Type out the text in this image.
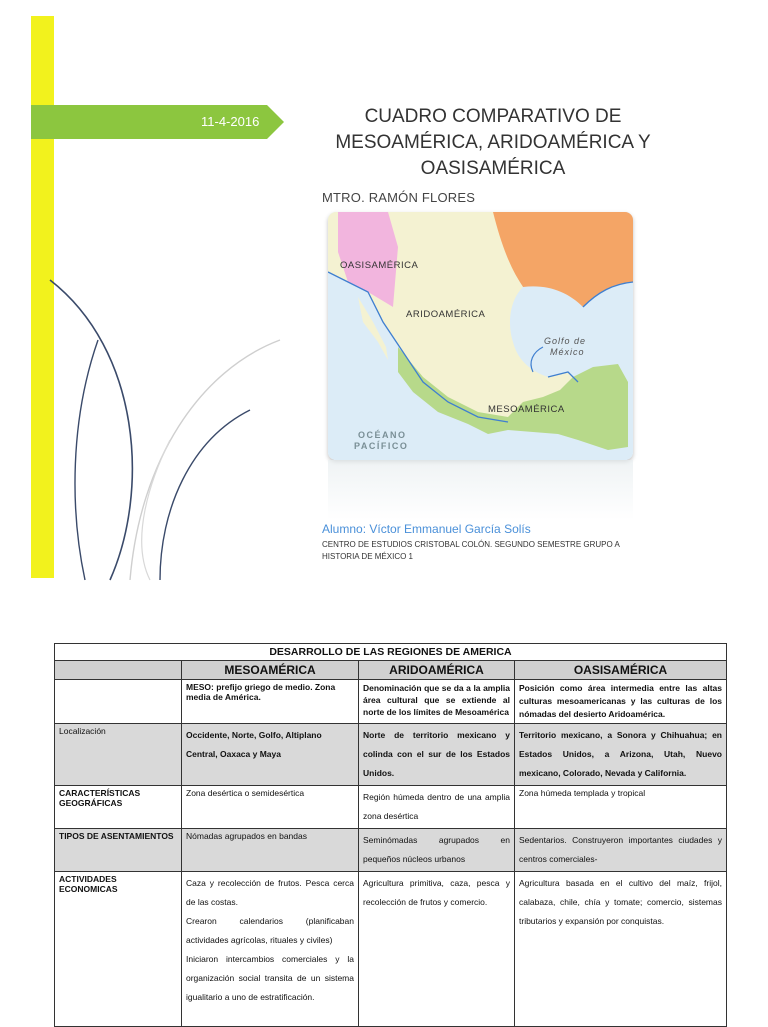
11-4-2016	CUADRO COMPARATIVO DE
MESOAMÉRICA, ARIDOAMÉRICA Y
OASISAMÉRICA
MTRO. RAMÓN FLORES
OASISAMÉRICA
ARIDOAMÉRICA
MESOAMÉRICA
Golfo de
México
OCÉANO
PACÍFICO
Alumno: Víctor Emmanuel García Solís
CENTRO DE ESTUDIOS CRISTOBAL COLÓN. SEGUNDO SEMESTRE GRUPO A
HISTORIA DE MÉXICO 1
DESARROLLO DE LAS REGIONES DE AMERICA			
	MESOAMÉRICA	ARIDOAMÉRICA	OASISAMÉRICA
	MESO: prefijo griego de medio. Zona media de América.	Denominación que se da a la amplia área cultural que se extiende al norte de los límites de Mesoamérica	Posición como área intermedia entre las altas culturas mesoamericanas y las culturas de los nómadas del desierto Aridoamérica.
Localización	Occidente, Norte, Golfo, Altiplano Central, Oaxaca y Maya	Norte de territorio mexicano y colinda con el sur de los Estados Unidos.	Territorio mexicano, a Sonora y Chihuahua; en Estados Unidos, a Arizona, Utah, Nuevo mexicano, Colorado, Nevada y California.
CARACTERÍSTICAS GEOGRÁFICAS	Zona desértica o semidesértica	Región húmeda dentro de una amplia zona desértica	Zona húmeda templada y tropical
TIPOS DE ASENTAMIENTOS	Nómadas agrupados en bandas	Seminómadas agrupados en pequeños núcleos urbanos	Sedentarios. Construyeron importantes ciudades y centros comerciales-
ACTIVIDADES ECONOMICAS	Caza y recolección de frutos. Pesca cerca de las costas.
Crearon calendarios (planificaban actividades agrícolas, rituales y civiles)
Iniciaron intercambios comerciales y la organización social transita de un sistema igualitario a uno de estratificación.	Agricultura primitiva, caza, pesca y recolección de frutos y comercio.	Agricultura basada en el cultivo del maíz, frijol, calabaza, chile, chía y tomate; comercio, sistemas tributarios y expansión por conquistas.
